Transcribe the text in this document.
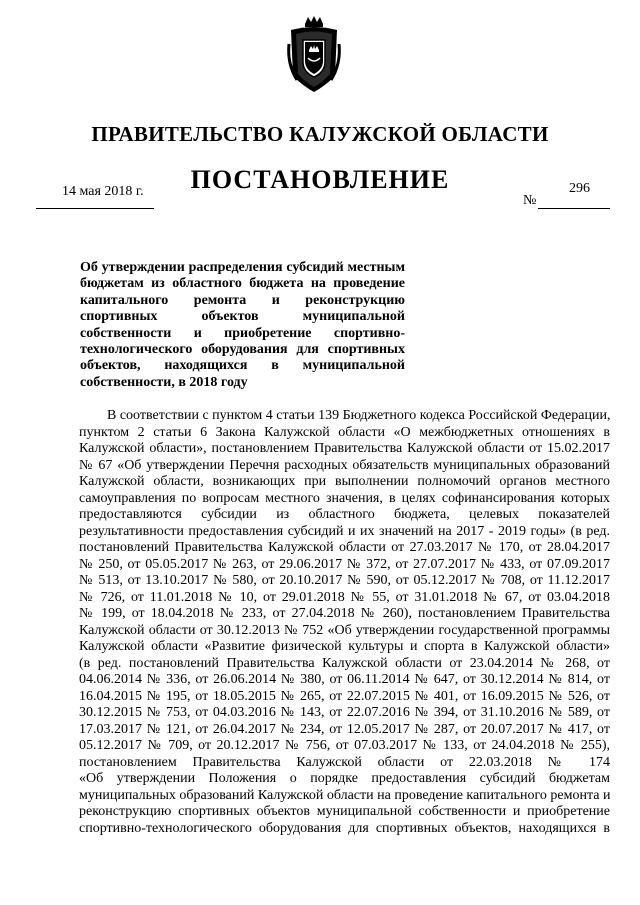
ПРАВИТЕЛЬСТВО КАЛУЖСКОЙ ОБЛАСТИ
ПОСТАНОВЛЕНИЕ
14 мая 2018 г.	296
№
Об утверждении распределения субсидий местным
бюджетам из областного бюджета на проведение
капитального ремонта и реконструкцию
спортивных объектов муниципальной
собственности и приобретение спортивно-
технологического оборудования для спортивных
объектов, находящихся в муниципальной
собственности, в 2018 году
В соответствии с пунктом 4 статьи 139 Бюджетного кодекса Российской Федерации,
пунктом 2 статьи 6 Закона Калужской области «О межбюджетных отношениях в
Калужской области», постановлением Правительства Калужской области от 15.02.2017
№ 67 «Об утверждении Перечня расходных обязательств муниципальных образований
Калужской области, возникающих при выполнении полномочий органов местного
самоуправления по вопросам местного значения, в целях софинансирования которых
предоставляются субсидии из областного бюджета, целевых показателей
результативности предоставления субсидий и их значений на 2017 - 2019 годы» (в ред.
постановлений Правительства Калужской области от 27.03.2017 № 170, от 28.04.2017
№ 250, от 05.05.2017 № 263, от 29.06.2017 № 372, от 27.07.2017 № 433, от 07.09.2017
№ 513, от 13.10.2017 № 580, от 20.10.2017 № 590, от 05.12.2017 № 708, от 11.12.2017
№ 726, от 11.01.2018 № 10, от 29.01.2018 № 55, от 31.01.2018 № 67, от 03.04.2018
№ 199, от 18.04.2018 № 233, от 27.04.2018 № 260), постановлением Правительства
Калужской области от 30.12.2013 № 752 «Об утверждении государственной программы
Калужской области «Развитие физической культуры и спорта в Калужской области»
(в ред. постановлений Правительства Калужской области от 23.04.2014 № 268, от
04.06.2014 № 336, от 26.06.2014 № 380, от 06.11.2014 № 647, от 30.12.2014 № 814, от
16.04.2015 № 195, от 18.05.2015 № 265, от 22.07.2015 № 401, от 16.09.2015 № 526, от
30.12.2015 № 753, от 04.03.2016 № 143, от 22.07.2016 № 394, от 31.10.2016 № 589, от
17.03.2017 № 121, от 26.04.2017 № 234, от 12.05.2017 № 287, от 20.07.2017 № 417, от
05.12.2017 № 709, от 20.12.2017 № 756, от 07.03.2017 № 133, от 24.04.2018 № 255),
постановлением Правительства Калужской области от 22.03.2018 № 174
«Об утверждении Положения о порядке предоставления субсидий бюджетам
муниципальных образований Калужской области на проведение капитального ремонта и
реконструкцию спортивных объектов муниципальной собственности и приобретение
спортивно-технологического оборудования для спортивных объектов, находящихся в
